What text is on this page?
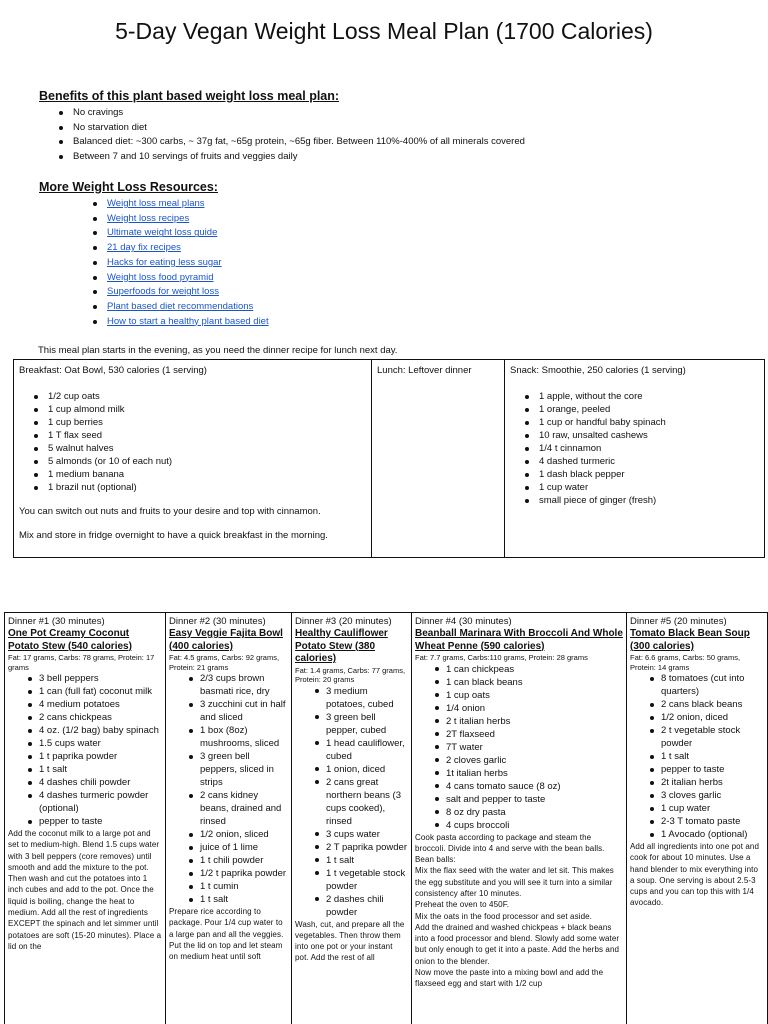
5-Day Vegan Weight Loss Meal Plan (1700 Calories)
Benefits of this plant based weight loss meal plan:
No cravings
No starvation diet
Balanced diet: ~300 carbs, ~ 37g fat, ~65g protein, ~65g fiber. Between 110%-400% of all minerals covered
Between 7 and 10 servings of fruits and veggies daily
More Weight Loss Resources:
Weight loss meal plans
Weight loss recipes
Ultimate weight loss guide
21 day fix recipes
Hacks for eating less sugar
Weight loss food pyramid
Superfoods for weight loss
Plant based diet recommendations
How to start a healthy plant based diet
This meal plan starts in the evening, as you need the dinner recipe for lunch next day.
Breakfast: Oat Bowl, 530 calories (1 serving)
1/2 cup oats
1 cup almond milk
1 cup berries
1 T flax seed
5 walnut halves
5 almonds (or 10 of each nut)
1 medium banana
1 brazil nut (optional)

You can switch out nuts and fruits to your desire and top with cinnamon.

Mix and store in fridge overnight to have a quick breakfast in the morning.

Lunch: Leftover dinner	Snack: Smoothie, 250 calories (1 serving)
1 apple, without the core
1 orange, peeled
1 cup or handful baby spinach
10 raw, unsalted cashews
1/4 t cinnamon
4 dashed turmeric
1 dash black pepper
1 cup water
small piece of ginger (fresh)
Dinner #1 (30 minutes)
One Pot Creamy Coconut Potato Stew (540 calories)
Fat: 17 grams, Carbs: 78 grams, Protein: 17 grams
3 bell peppers
1 can (full fat) coconut milk
4 medium potatoes
2 cans chickpeas
4 oz. (1/2 bag) baby spinach
1.5 cups water
1 t paprika powder
1 t salt
4 dashes chili powder
4 dashes turmeric powder (optional)
pepper to taste
Add the coconut milk to a large pot and set to medium-high. Blend 1.5 cups water with 3 bell peppers (core removes) until smooth and add the mixture to the pot. Then wash and cut the potatoes into 1 inch cubes and add to the pot. Once the liquid is boiling, change the heat to medium. Add all the rest of ingredients EXCEPT the spinach and let simmer until potatoes are soft (15-20 minutes). Place a lid on the

Dinner #2 (30 minutes)
Easy Veggie Fajita Bowl (400 calories)
Fat: 4.5 grams, Carbs: 92 grams, Protein: 21 grams
2/3 cups brown basmati rice, dry
3 zucchini cut in half and sliced
1 box (8oz) mushrooms, sliced
3 green bell peppers, sliced in strips
2 cans kidney beans, drained and rinsed
1/2 onion, sliced
juice of 1 lime
1 t chili powder
1/2 t paprika powder
1 t cumin
1 t salt
Prepare rice according to package. Pour 1/4 cup water to a large pan and all the veggies. Put the lid on top and let steam on medium heat until soft

Dinner #3 (20 minutes)
Healthy Cauliflower Potato Stew (380 calories)
Fat: 1.4 grams, Carbs: 77 grams, Protein: 20 grams
3 medium potatoes, cubed
3 green bell pepper, cubed
1 head cauliflower, cubed
1 onion, diced
2 cans great northern beans (3 cups cooked), rinsed
3 cups water
2 T paprika powder
1 t salt
1 t vegetable stock powder
2 dashes chili powder
Wash, cut, and prepare all the vegetables. Then throw them into one pot or your instant pot. Add the rest of all

Dinner #4 (30 minutes)
Beanball Marinara With Broccoli And Whole Wheat Penne (590 calories)
Fat: 7.7 grams, Carbs:110 grams, Protein: 28 grams
1 can chickpeas
1 can black beans
1 cup oats
1/4 onion
2 t italian herbs
2T flaxseed
7T water
2 cloves garlic
1t italian herbs
4 cans tomato sauce (8 oz)
salt and pepper to taste
8 oz dry pasta
4 cups broccoli
Cook pasta according to package and steam the broccoli. Divide into 4 and serve with the bean balls.
Bean balls:
Mix the flax seed with the water and let sit. This makes the egg substitute and you will see it turn into a similar consistency after 10 minutes.
Preheat the oven to 450F.
Mix the oats in the food processor and set aside.
Add the drained and washed chickpeas + black beans into a food processor and blend. Slowly add some water but only enough to get it into a paste. Add the herbs and onion to the blender.
Now move the paste into a mixing bowl and add the flaxseed egg and start with 1/2 cup

Dinner #5 (20 minutes)
Tomato Black Bean Soup (300 calories)
Fat: 6.6 grams, Carbs: 50 grams, Protein: 14 grams
8 tomatoes (cut into quarters)
2 cans black beans
1/2 onion, diced
2 t vegetable stock powder
1 t salt
pepper to taste
2t italian herbs
3 cloves garlic
1 cup water
2-3 T tomato paste
1 Avocado (optional)
Add all ingredients into one pot and cook for about 10 minutes. Use a hand blender to mix everything into a soup. One serving is about 2.5-3 cups and you can top this with 1/4 avocado.
